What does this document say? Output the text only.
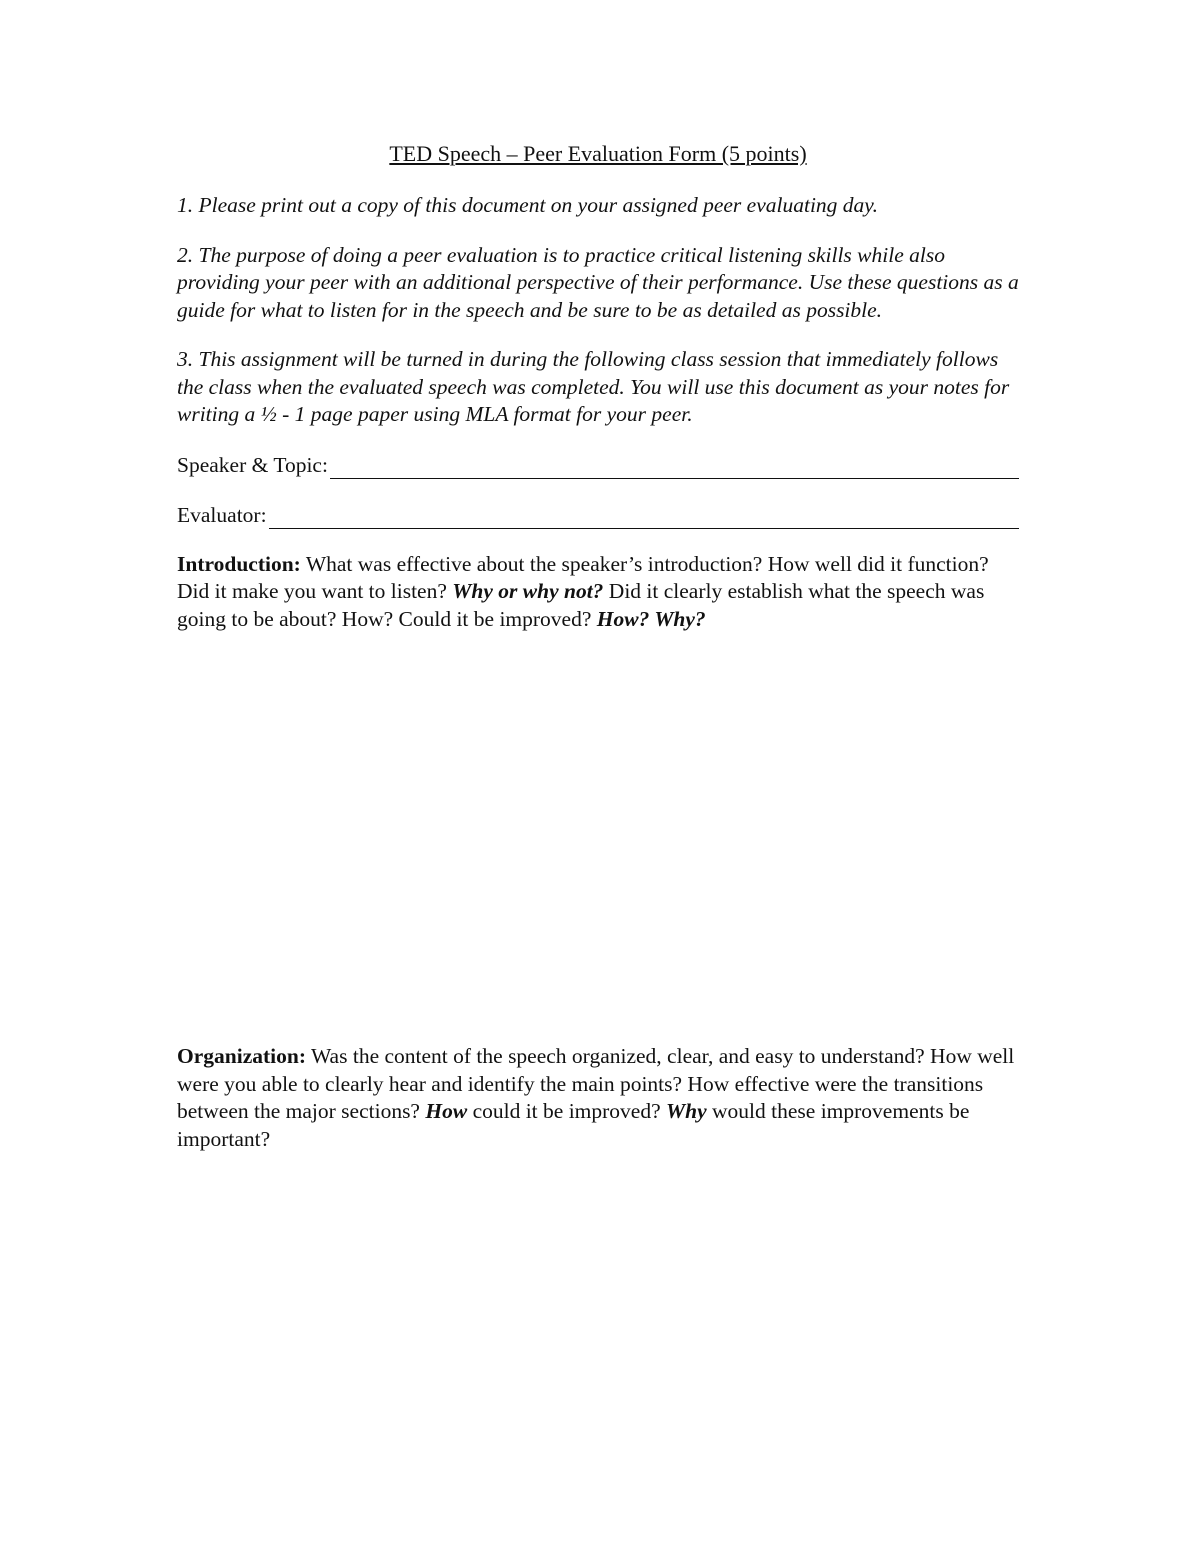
TED Speech – Peer Evaluation Form (5 points)

1. Please print out a copy of this document on your assigned peer evaluating day.

2. The purpose of doing a peer evaluation is to practice critical listening skills while also providing your peer with an additional perspective of their performance. Use these questions as a guide for what to listen for in the speech and be sure to be as detailed as possible.

3. This assignment will be turned in during the following class session that immediately follows the class when the evaluated speech was completed. You will use this document as your notes for writing a ½ - 1 page paper using MLA format for your peer.

Speaker & Topic:
Evaluator:

Introduction: What was effective about the speaker’s introduction? How well did it function? Did it make you want to listen? Why or why not? Did it clearly establish what the speech was going to be about? How? Could it be improved? How? Why?

Organization: Was the content of the speech organized, clear, and easy to understand? How well were you able to clearly hear and identify the main points? How effective were the transitions between the major sections? How could it be improved? Why would these improvements be important?
